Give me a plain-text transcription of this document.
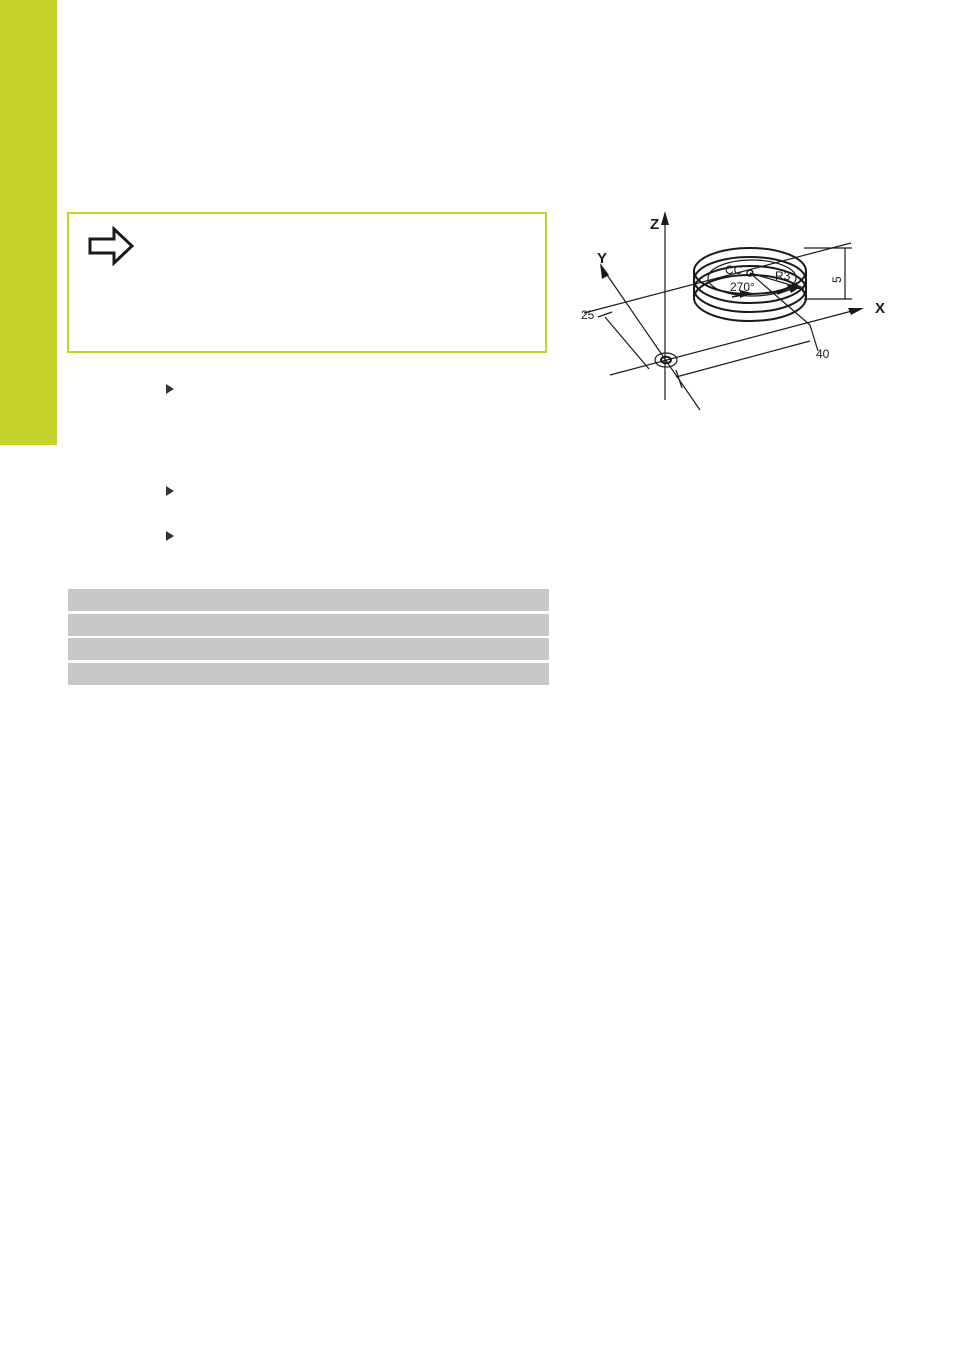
Z
Y
X
CC	R3
270°
25
40
5
